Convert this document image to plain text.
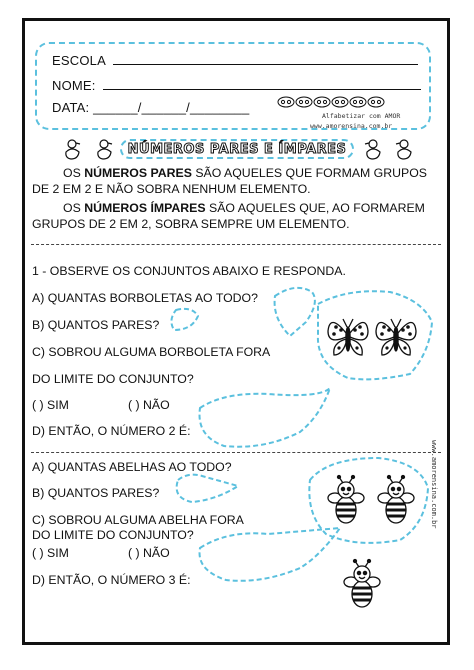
ESCOLA
NOME:
DATA: ______/______/________
Alfabetizar com AMOR
www.amorensina.com.br
NÚMEROS PARES E ÍMPARES
OS NÚMEROS PARES SÃO AQUELES QUE FORMAM GRUPOS
DE 2 EM 2 E NÃO SOBRA NENHUM ELEMENTO.
OS NÚMEROS ÍMPARES SÃO AQUELES QUE, AO FORMAREM
GRUPOS DE 2 EM 2, SOBRA SEMPRE UM ELEMENTO.
1 - OBSERVE OS CONJUNTOS ABAIXO E RESPONDA.
A) QUANTAS BORBOLETAS AO TODO?
B) QUANTOS PARES?
C) SOBROU ALGUMA BORBOLETA FORA
DO LIMITE DO CONJUNTO?
( ) SIM	( ) NÃO
D) ENTÃO, O NÚMERO 2 É:
A) QUANTAS ABELHAS AO TODO?
B) QUANTOS PARES?
C) SOBROU ALGUMA ABELHA FORA
DO LIMITE DO CONJUNTO?
( ) SIM	( ) NÃO
D) ENTÃO, O NÚMERO 3 É:
www.amorensina.com.br
